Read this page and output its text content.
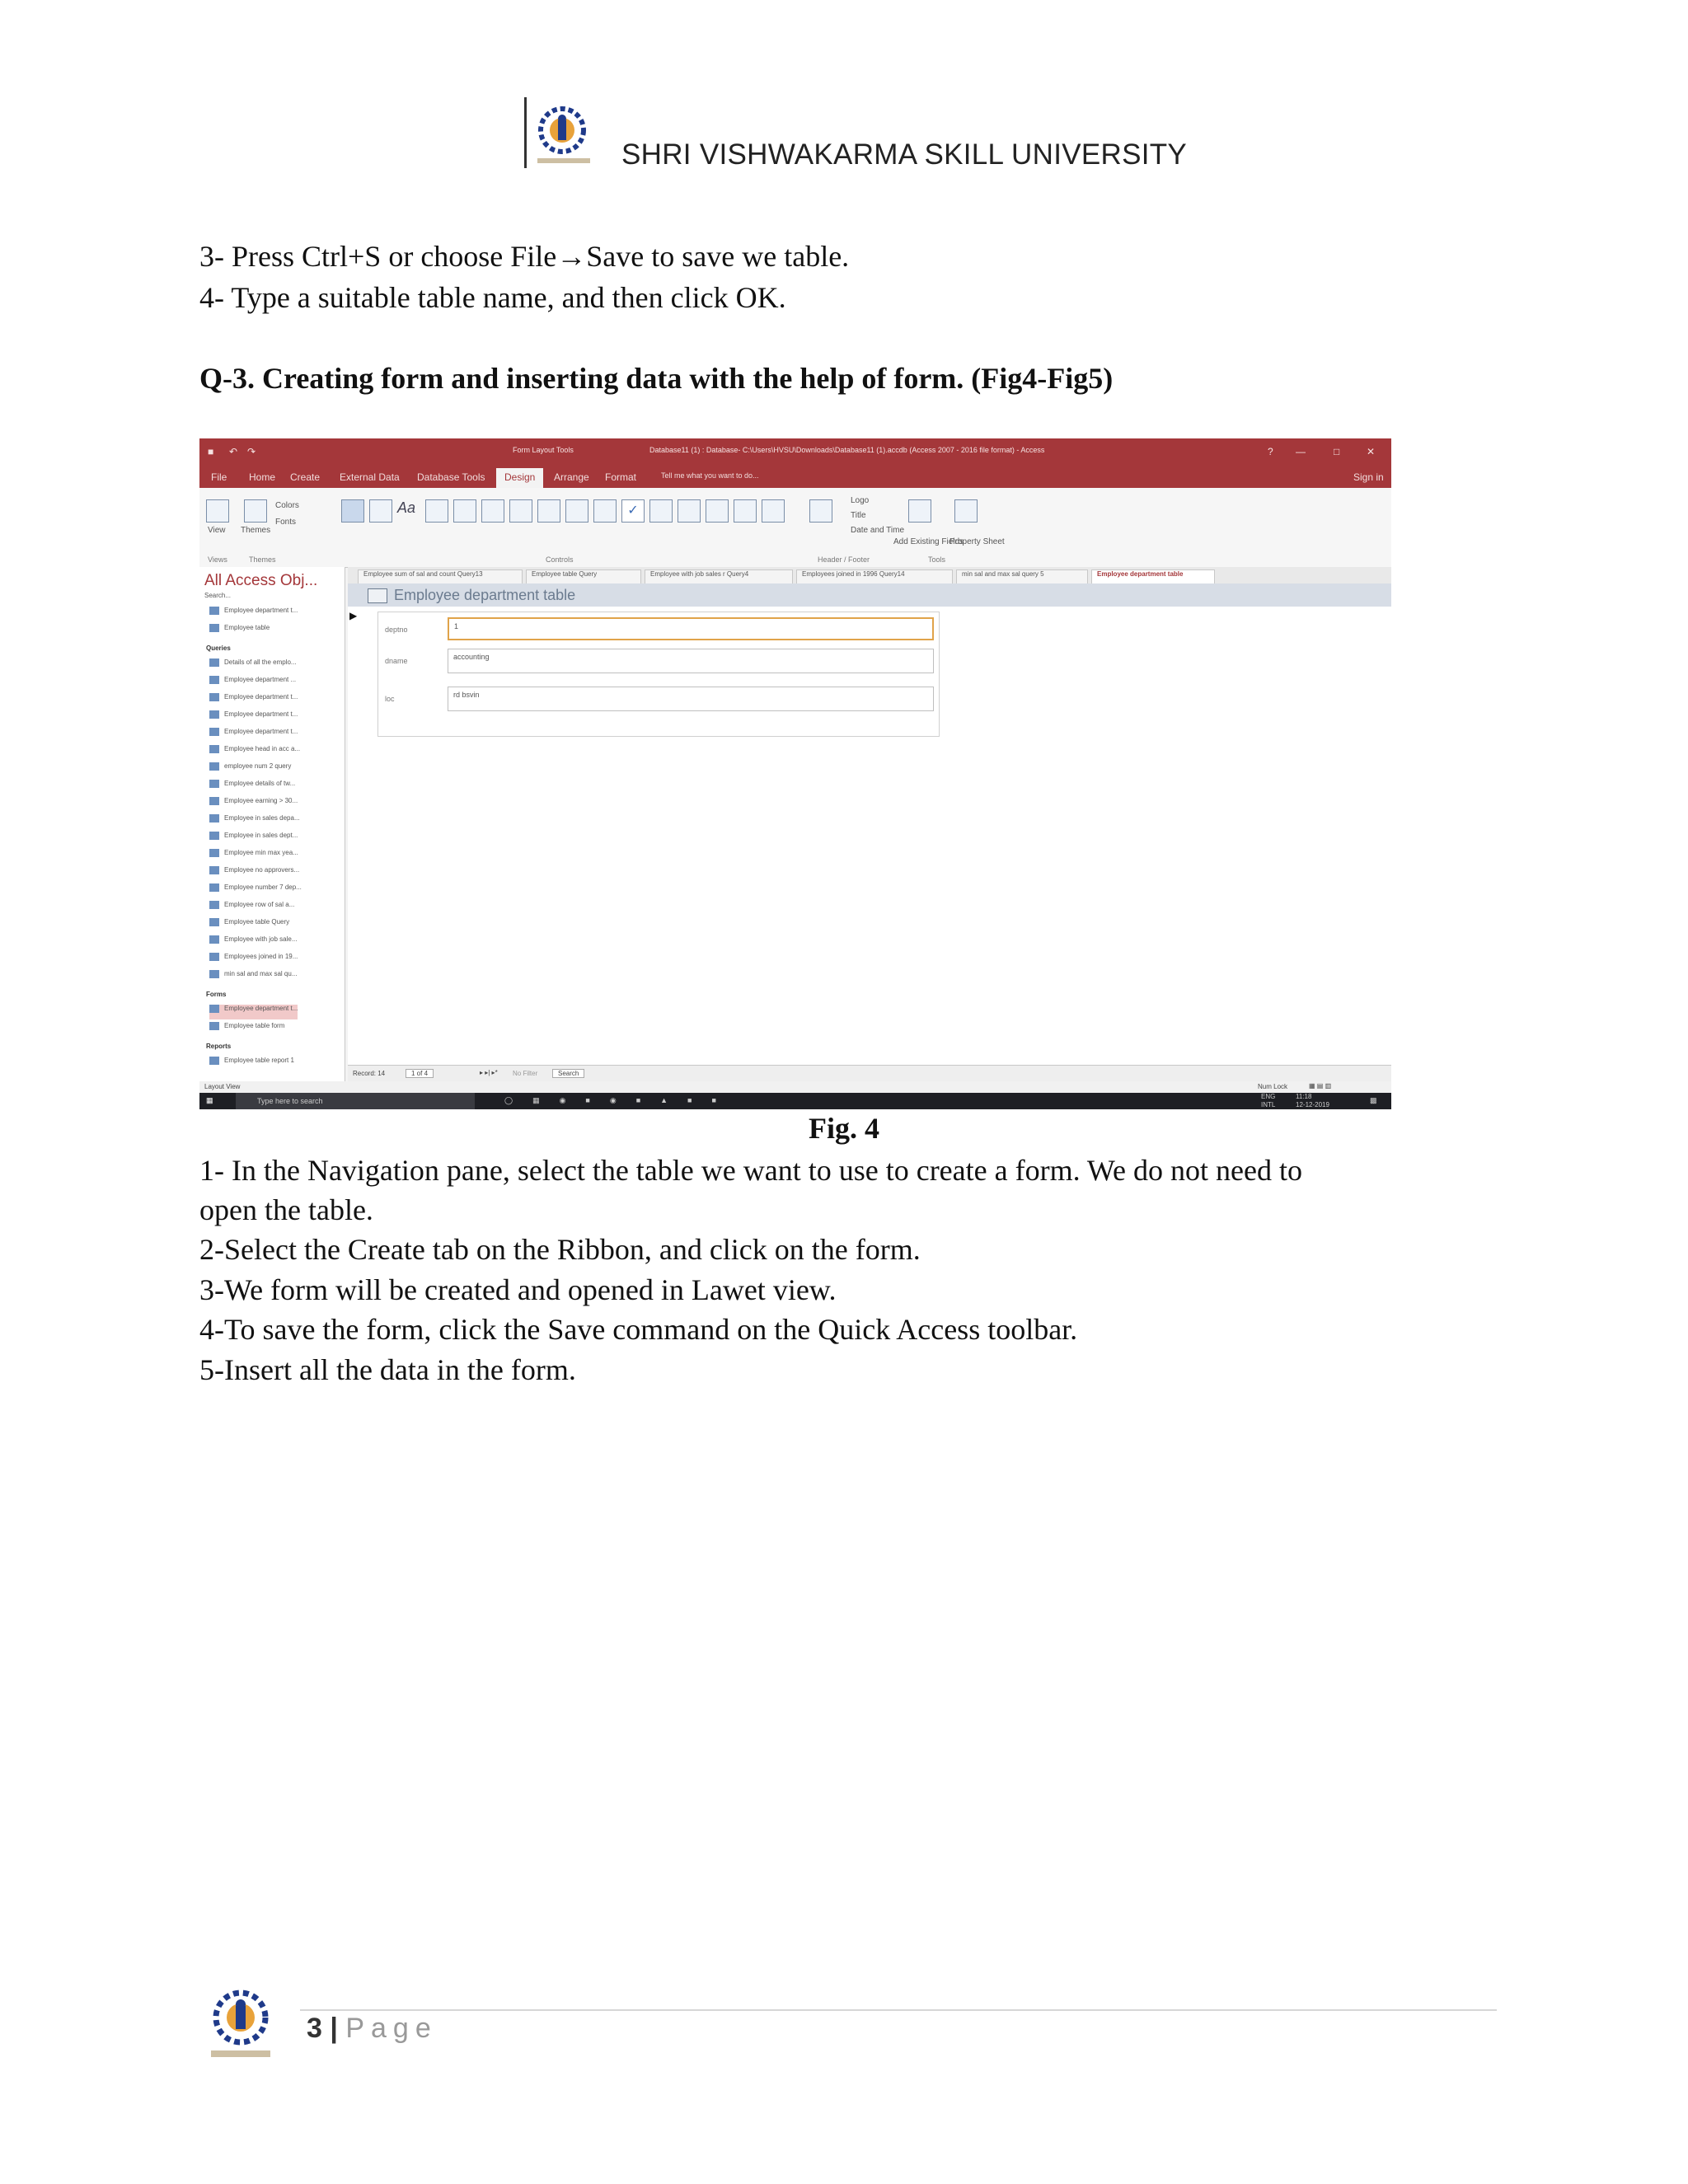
SHRI VISHWAKARMA SKILL UNIVERSITY
3- Press Ctrl+S or choose File→Save to save we table.
4- Type a suitable table name, and then click OK.
Q-3. Creating form and inserting data with the help of form. (Fig4-Fig5)
■ ↶ ↷	Form Layout Tools	Database11 (1) : Database- C:\Users\HVSU\Downloads\Database11 (1).accdb (Access 2007 - 2016 file format) - Access	? —	□	✕
File Home Create External Data Database Tools	Design	Arrange Format	Tell me what you want to do...	Sign in
View Themes
Colors
Fonts
Aa	✓
Logo
Title
Date and Time
Add Existing Fields
Property Sheet
Views	Themes	Controls	Header / Footer	Tools
All Access Obj...
Search...
Employee department t...
Employee table
Queries
Details of all the emplo...
Employee department ...
Employee department t...
Employee department t...
Employee department t...
Employee head in acc a...
employee num 2 query
Employee details of tw...
Employee earning > 30...
Employee in sales depa...
Employee in sales dept...
Employee min max yea...
Employee no approvers...
Employee number 7 dep...
Employee row of sal a...
Employee table Query
Employee with job sale...
Employees joined in 19...
min sal and max sal qu...
Forms
Employee department t...
Employee table form
Reports
Employee table report 1
Employee sum of sal and count Query13	Employee table Query	Employee with job sales r Query4	Employees joined in 1996 Query14	min sal and max sal query 5	Employee department table
Employee department table
▶
deptno	1
dname	accounting
loc	rd bsvin
Record: 14	1 of 4	▸ ▸| ▸* No Filter	Search
Layout View	Num Lock	▦ ▤ ▥
▦	Type here to search	◯▦◉■◉■▲■■	ENG
INTL
11:18
12-12-2019
▩
Fig. 4
1- In the Navigation pane, select the table we want to use to create a form. We do not need to
open the table.
2-Select the Create tab on the Ribbon, and click on the form.
3-We form will be created and opened in Lawet view.
4-To save the form, click the Save command on the Quick Access toolbar.
5-Insert all the data in the form.
3 | Page
